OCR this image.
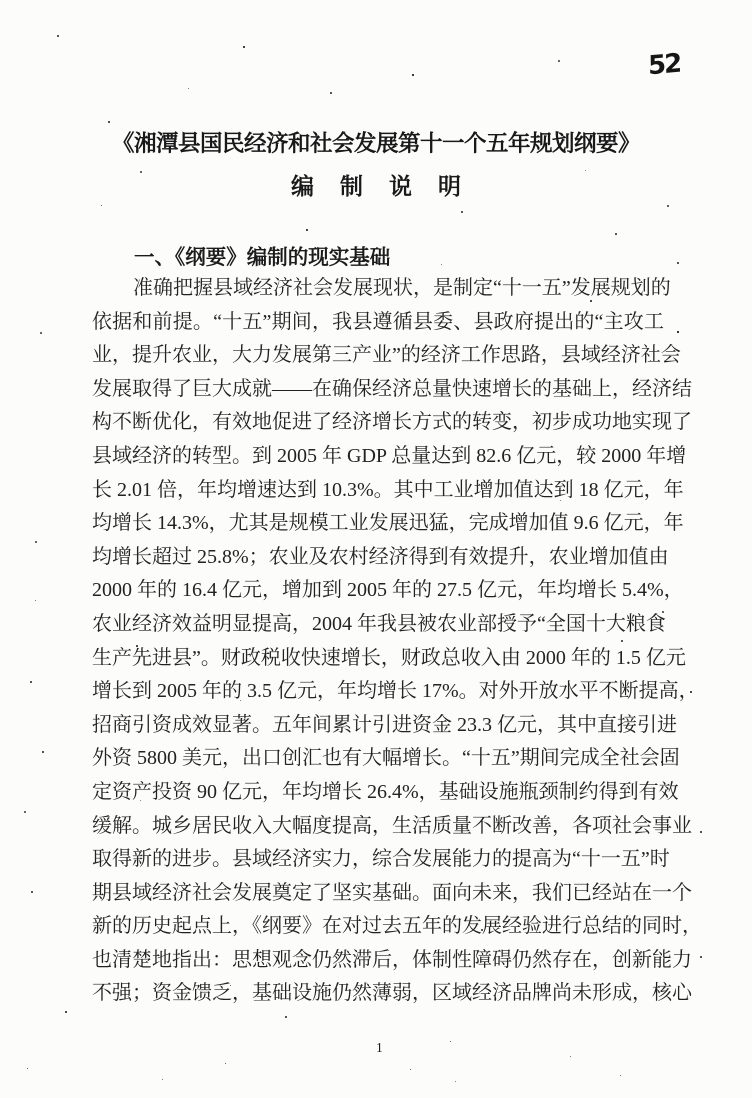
52
《湘潭县国民经济和社会发展第十一个五年规划纲要》
编制说明
一、《纲要》编制的现实基础
准确把握县域经济社会发展现状，是制定“十一五”发展规划的
依据和前提。“十五”期间，我县遵循县委、县政府提出的“主攻工
业，提升农业，大力发展第三产业”的经济工作思路，县域经济社会
发展取得了巨大成就——在确保经济总量快速增长的基础上，经济结
构不断优化，有效地促进了经济增长方式的转变，初步成功地实现了
县域经济的转型。到 2005 年 GDP 总量达到 82.6 亿元，较 2000 年增
长 2.01 倍，年均增速达到 10.3%。其中工业增加值达到 18 亿元，年
均增长 14.3%，尤其是规模工业发展迅猛，完成增加值 9.6 亿元，年
均增长超过 25.8%；农业及农村经济得到有效提升，农业增加值由
2000 年的 16.4 亿元，增加到 2005 年的 27.5 亿元，年均增长 5.4%，
农业经济效益明显提高，2004 年我县被农业部授予“全国十大粮食
生产先进县”。财政税收快速增长，财政总收入由 2000 年的 1.5 亿元
增长到 2005 年的 3.5 亿元，年均增长 17%。对外开放水平不断提高，
招商引资成效显著。五年间累计引进资金 23.3 亿元，其中直接引进
外资 5800 美元，出口创汇也有大幅增长。“十五”期间完成全社会固
定资产投资 90 亿元，年均增长 26.4%，基础设施瓶颈制约得到有效
缓解。城乡居民收入大幅度提高，生活质量不断改善，各项社会事业
取得新的进步。县域经济实力，综合发展能力的提高为“十一五”时
期县域经济社会发展奠定了坚实基础。面向未来，我们已经站在一个
新的历史起点上，《纲要》在对过去五年的发展经验进行总结的同时，
也清楚地指出：思想观念仍然滞后，体制性障碍仍然存在，创新能力
不强；资金馈乏，基础设施仍然薄弱，区域经济品牌尚未形成，核心
1
